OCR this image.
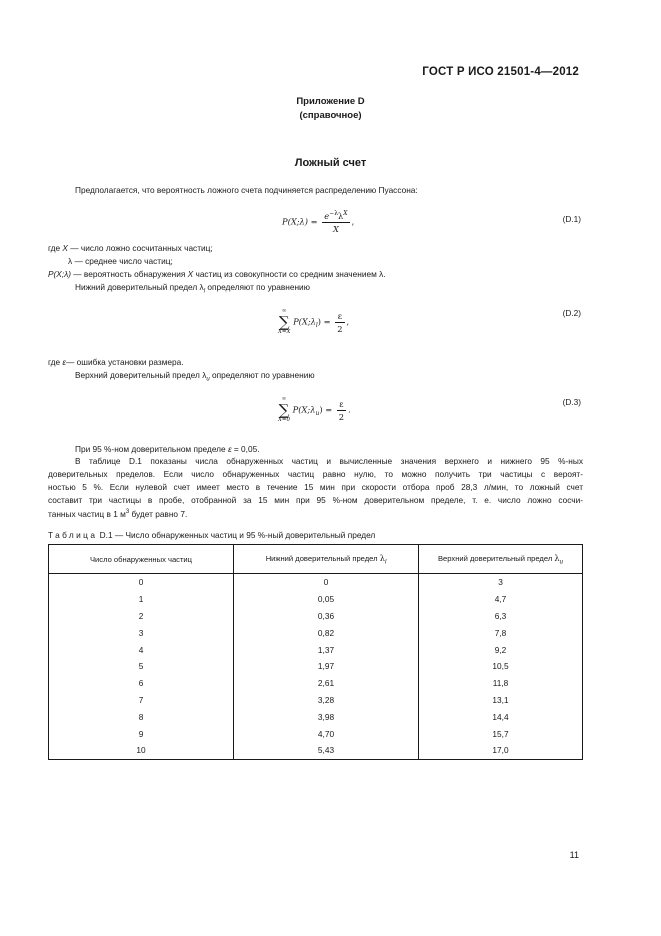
ГОСТ Р ИСО 21501-4—2012
Приложение D
(справочное)
Ложный счет
Предполагается, что вероятность ложного счета подчиняется распределению Пуассона:
P(X;λ) = $\frac{e^{-\lambda}\lambda^X}{X}$ ,	(D.1)
где X — число ложно сосчитанных частиц;
λ — среднее число частиц;
P(X;λ) — вероятность обнаружения X частиц из совокупности со средним значением λ.
Нижний доверительный предел $\lambda_l$ определяют по уравнению
∞
∑
X=X
$P(X;\lambda_l) = \frac{\varepsilon}{2}$ ,
(D.2)
где ε— ошибка установки размера.
Верхний доверительный предел $\lambda_u$ определяют по уравнению
∞
∑
X=0
$P(X;\lambda_u) = \frac{\varepsilon}{2}$ .
(D.3)
При 95 %-ном доверительном пределе ε = 0,05.
В таблице D.1 показаны числа обнаруженных частиц и вычисленные значения верхнего и нижнего 95 %-ных
доверительных пределов. Если число обнаруженных частиц равно нулю, то можно получить три частицы с вероят-
ностью 5 %. Если нулевой счет имеет место в течение 15 мин при скорости отбора проб 28,3 л/мин, то ложный счет
составит три частицы в пробе, отобранной за 15 мин при 95 %-ном доверительном пределе, т. е. число ложно сосчи-
танных частиц в 1 $м^3$ будет равно 7.
Таблица D.1 — Число обнаруженных частиц и 95 %-ный доверительный предел
Число обнаруженных частиц	Нижний доверительный предел $\lambda_l$	Верхний доверительный предел $\lambda_u$
0	0	3
1	0,05	4,7
2	0,36	6,3
3	0,82	7,8
4	1,37	9,2
5	1,97	10,5
6	2,61	11,8
7	3,28	13,1
8	3,98	14,4
9	4,70	15,7
10	5,43	17,0
11
